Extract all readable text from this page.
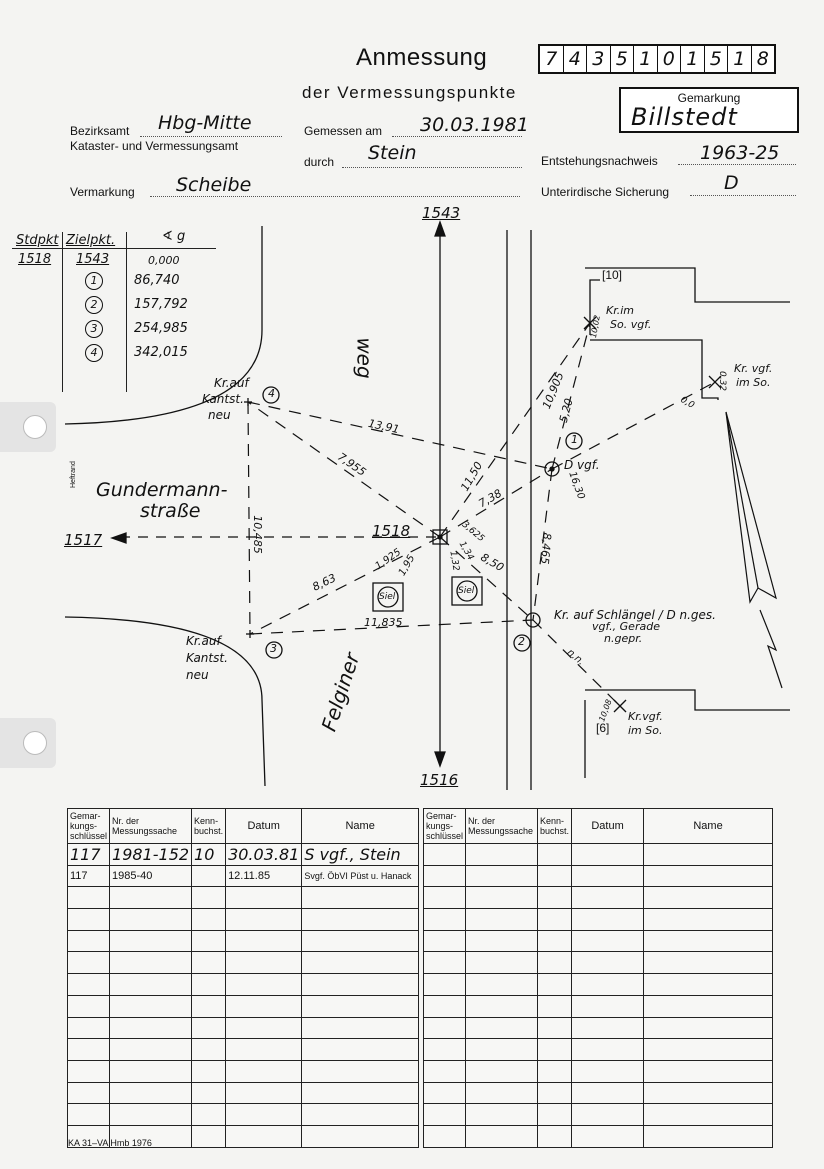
Anmessung
der Vermessungspunkte
7 4 3 5 1 0 1 5 1 8
Gemarkung
Billstedt
Bezirksamt Hbg-Mitte
Kataster- und Vermessungsamt
Gemessen am 30.03.1981
durch Stein	Entstehungsnachweis 1963-25
Vermarkung Scheibe	Unterirdische Sicherung	D
Stdpkt Zielpkt.	∢ g
1518 1543	0,000
1	86,740
2	157,792
3	254,985
4	342,015
1543
1516
1517	1518
Gundermann-
straße
weg
Felginer
Heftrand
4
3
1
2
Kr.auf
Kantst.
neu
Kr.auf
Kantst.
neu
D vgf.
Kr. auf Schlängel / D n.ges.
vgf., Gerade
n.gepr.
Kr.im
So. vgf.
Kr. vgf.
im So.
Kr.vgf.
im So.
[10]
[6]
Siel
Siel
13,91
7,955
10,485
8,63
11,835
11,50
7,38
10,905
5,20
16,30
8,465
1,925
1,95	8,50
1,34
1,32
3,625
10,02
10,08
0,0
0,32
n.n.
Gemar-kungs-schlüssel	Nr. der Messungssache	Kenn-buchst.	Datum	Name
117	1981-152	10	30.03.81	S vgf., Stein
117	1985-40		12.11.85	Svgf. ÖbVI Püst u. Hanack

Gemar-kungs-schlüssel	Nr. der Messungssache	Kenn-buchst.	Datum	Name

KA 31–VA Hmb 1976
